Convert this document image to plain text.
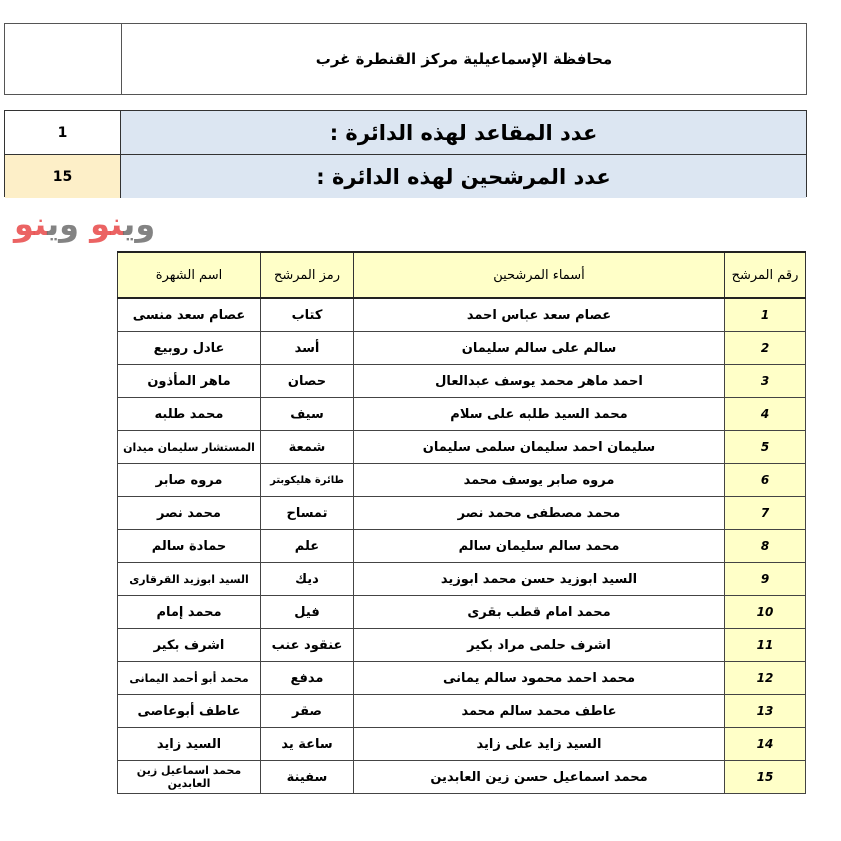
محافظة الإسماعيلية مركز القنطرة غرب
1	عدد المقاعد لهذه الدائرة :
15	عدد المرشحين لهذه الدائرة :
وينو وينو
رقم المرشح	أسماء المرشحين	رمز المرشح	اسم الشهرة
1	عصام سعد عباس احمد	كتاب	عصام سعد منسى
2	سالم على سالم سليمان	أسد	عادل روبيع
3	احمد ماهر محمد يوسف عبدالعال	حصان	ماهر المأذون
4	محمد السيد طلبه على سلام	سيف	محمد طلبه
5	سليمان احمد سليمان سلمى سليمان	شمعة	المستشار سليمان ميدان
6	مروه صابر يوسف محمد	طائرة هليكوبتر	مروه صابر
7	محمد مصطفى محمد نصر	تمساح	محمد نصر
8	محمد سالم سليمان سالم	علم	حمادة سالم
9	السيد ابوزيد حسن محمد ابوزيد	ديك	السيد ابوزيد القرقارى
10	محمد امام قطب بقرى	فيل	محمد إمام
11	اشرف حلمى مراد بكير	عنقود عنب	اشرف بكير
12	محمد احمد محمود سالم يمانى	مدفع	محمد أبو أحمد اليمانى
13	عاطف محمد سالم محمد	صقر	عاطف أبوعاصى
14	السيد زايد على زايد	ساعة يد	السيد زايد
15	محمد اسماعيل حسن زين العابدين	سفينة	محمد اسماعيل زين العابدين
